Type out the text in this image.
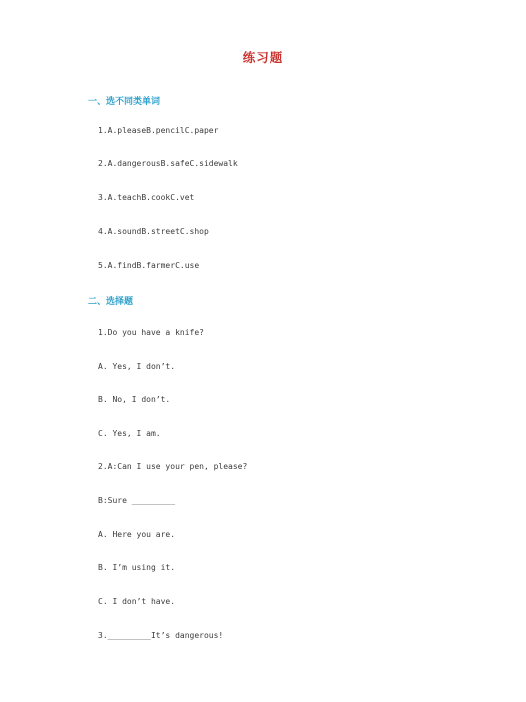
练习题
一、选不同类单词
1.A.pleaseB.pencilC.paper
2.A.dangerousB.safeC.sidewalk
3.A.teachB.cookC.vet
4.A.soundB.streetC.shop
5.A.findB.farmerC.use
二、选择题
1.Do you have a knife?
A. Yes, I don’t.
B. No, I don’t.
C. Yes, I am.
2.A:Can I use your pen, please?
B:Sure _________
A. Here you are.
B. I’m using it.
C. I don’t have.
3._________It’s dangerous!
